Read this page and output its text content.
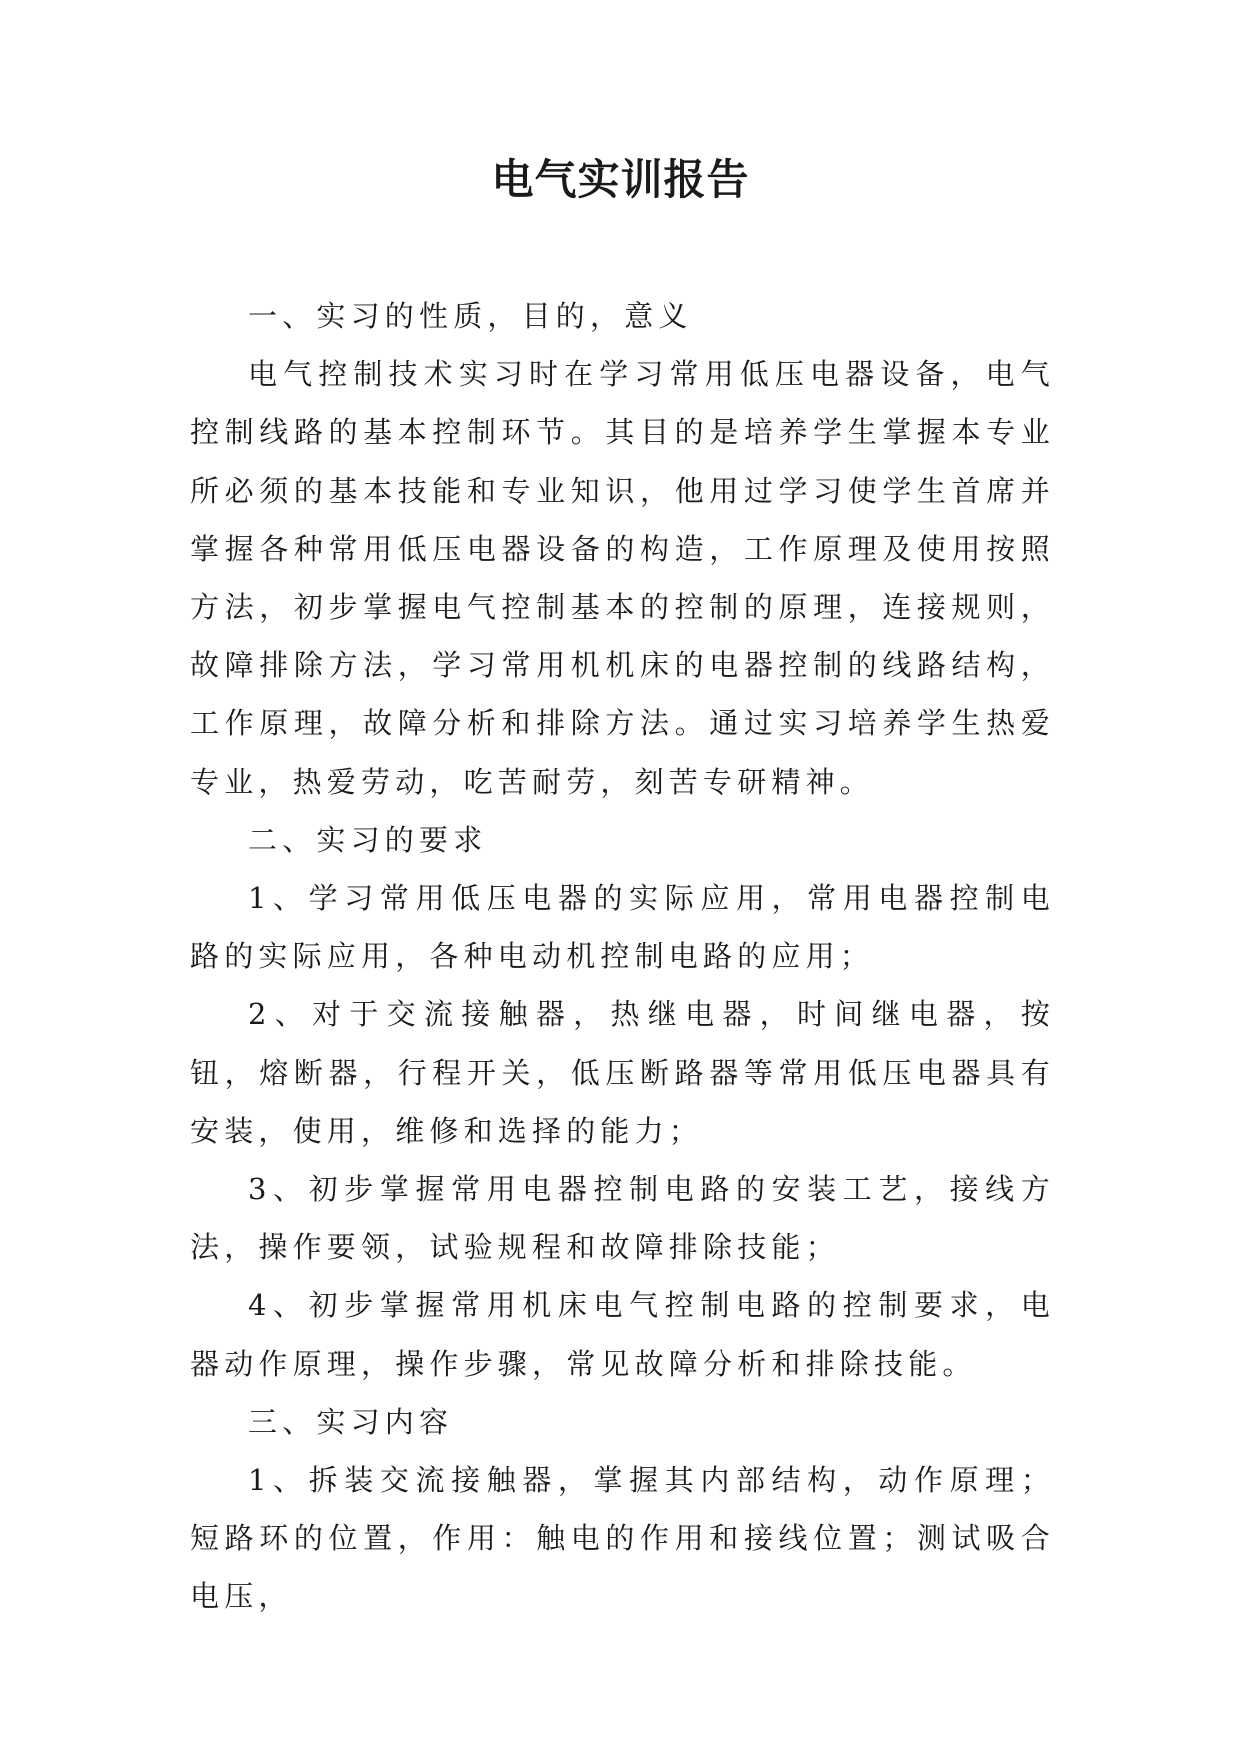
电气实训报告

一、实习的性质，目的，意义

电气控制技术实习时在学习常用低压电器设备，电气控制线路的基本控制环节。其目的是培养学生掌握本专业所必须的基本技能和专业知识，他用过学习使学生首席并掌握各种常用低压电器设备的构造，工作原理及使用按照方法，初步掌握电气控制基本的控制的原理，连接规则，故障排除方法，学习常用机机床的电器控制的线路结构，工作原理，故障分析和排除方法。通过实习培养学生热爱专业，热爱劳动，吃苦耐劳，刻苦专研精神。

二、实习的要求

1、学习常用低压电器的实际应用，常用电器控制电路的实际应用，各种电动机控制电路的应用；

2、对于交流接触器，热继电器，时间继电器，按钮，熔断器，行程开关，低压断路器等常用低压电器具有安装，使用，维修和选择的能力；

3、初步掌握常用电器控制电路的安装工艺，接线方法，操作要领，试验规程和故障排除技能；

4、初步掌握常用机床电气控制电路的控制要求，电器动作原理，操作步骤，常见故障分析和排除技能。

三、实习内容

1、拆装交流接触器，掌握其内部结构，动作原理；短路环的位置，作用：触电的作用和接线位置；测试吸合电压，
